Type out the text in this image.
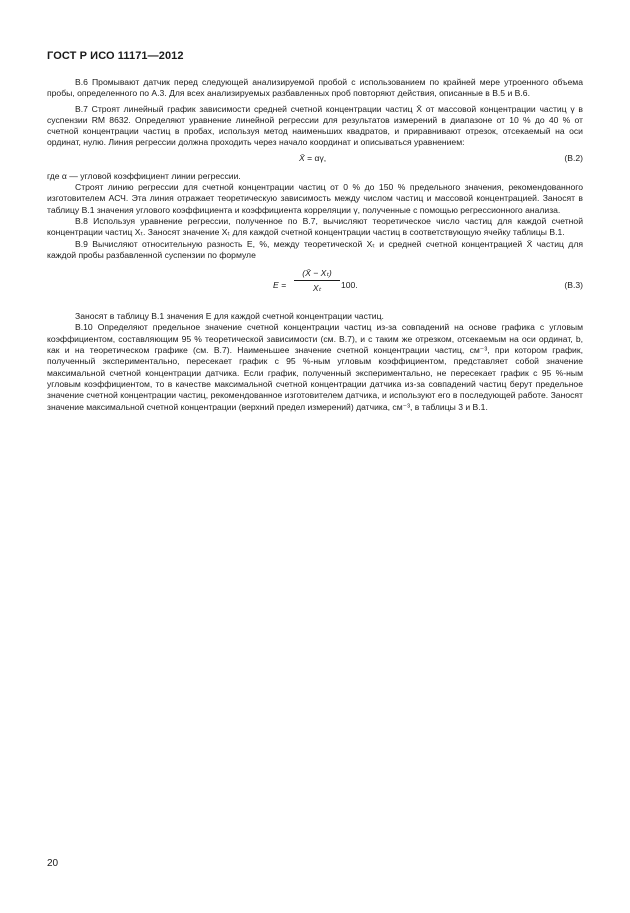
ГОСТ Р ИСО 11171—2012

В.6 Промывают датчик перед следующей анализируемой пробой с использованием по крайней мере утроенного объема пробы, определенного по А.3. Для всех анализируемых разбавленных проб повторяют действия, описанные в В.5 и В.6.

В.7 Строят линейный график зависимости средней счетной концентрации частиц X̄ от массовой концентрации частиц γ в суспензии RM 8632. Определяют уравнение линейной регрессии для результатов измерений в диапазоне от 10 % до 40 % от счетной концентрации частиц в пробах, используя метод наименьших квадратов, и приравнивают отрезок, отсекаемый на оси ординат, нулю. Линия регрессии должна проходить через начало координат и описываться уравнением:

X̄ = αγ,	(B.2)

где α — угловой коэффициент линии регрессии.

Строят линию регрессии для счетной концентрации частиц от 0 % до 150 % предельного значения, рекомендованного изготовителем АСЧ. Эта линия отражает теоретическую зависимость между числом частиц и массовой концентрацией. Заносят в таблицу В.1 значения углового коэффициента и коэффициента корреляции γ, полученные с помощью регрессионного анализа.

В.8 Используя уравнение регрессии, полученное по В.7, вычисляют теоретическое число частиц для каждой счетной концентрации частиц Xₜ. Заносят значение Xₜ для каждой счетной концентрации частиц в соответствующую ячейку таблицы В.1.

В.9 Вычисляют относительную разность E, %, между теоретической Xₜ и средней счетной концентрацией X̄ частиц для каждой пробы разбавленной суспензии по формуле

$E = \frac{\text{(X̄ − Xₜ)}}{\text{Xₜ}} 100$.	(B.3)

Заносят в таблицу В.1 значения E для каждой счетной концентрации частиц.

В.10 Определяют предельное значение счетной концентрации частиц из-за совпадений на основе графика с угловым коэффициентом, составляющим 95 % теоретической зависимости (см. В.7), и с таким же отрезком, отсекаемым на оси ординат, b, как и на теоретическом графике (см. В.7). Наименьшее значение счетной концентрации частиц, см⁻³, при котором график, полученный экспериментально, пересекает график с 95 %-ным угловым коэффициентом, представляет собой значение максимальной счетной концентрации датчика. Если график, полученный экспериментально, не пересекает график с 95 %-ным угловым коэффициентом, то в качестве максимальной счетной концентрации датчика из-за совпадений частиц берут предельное значение счетной концентрации частиц, рекомендованное изготовителем датчика, и используют его в последующей работе. Заносят значение максимальной счетной концентрации (верхний предел измерений) датчика, см⁻³, в таблицы 3 и В.1.

20
